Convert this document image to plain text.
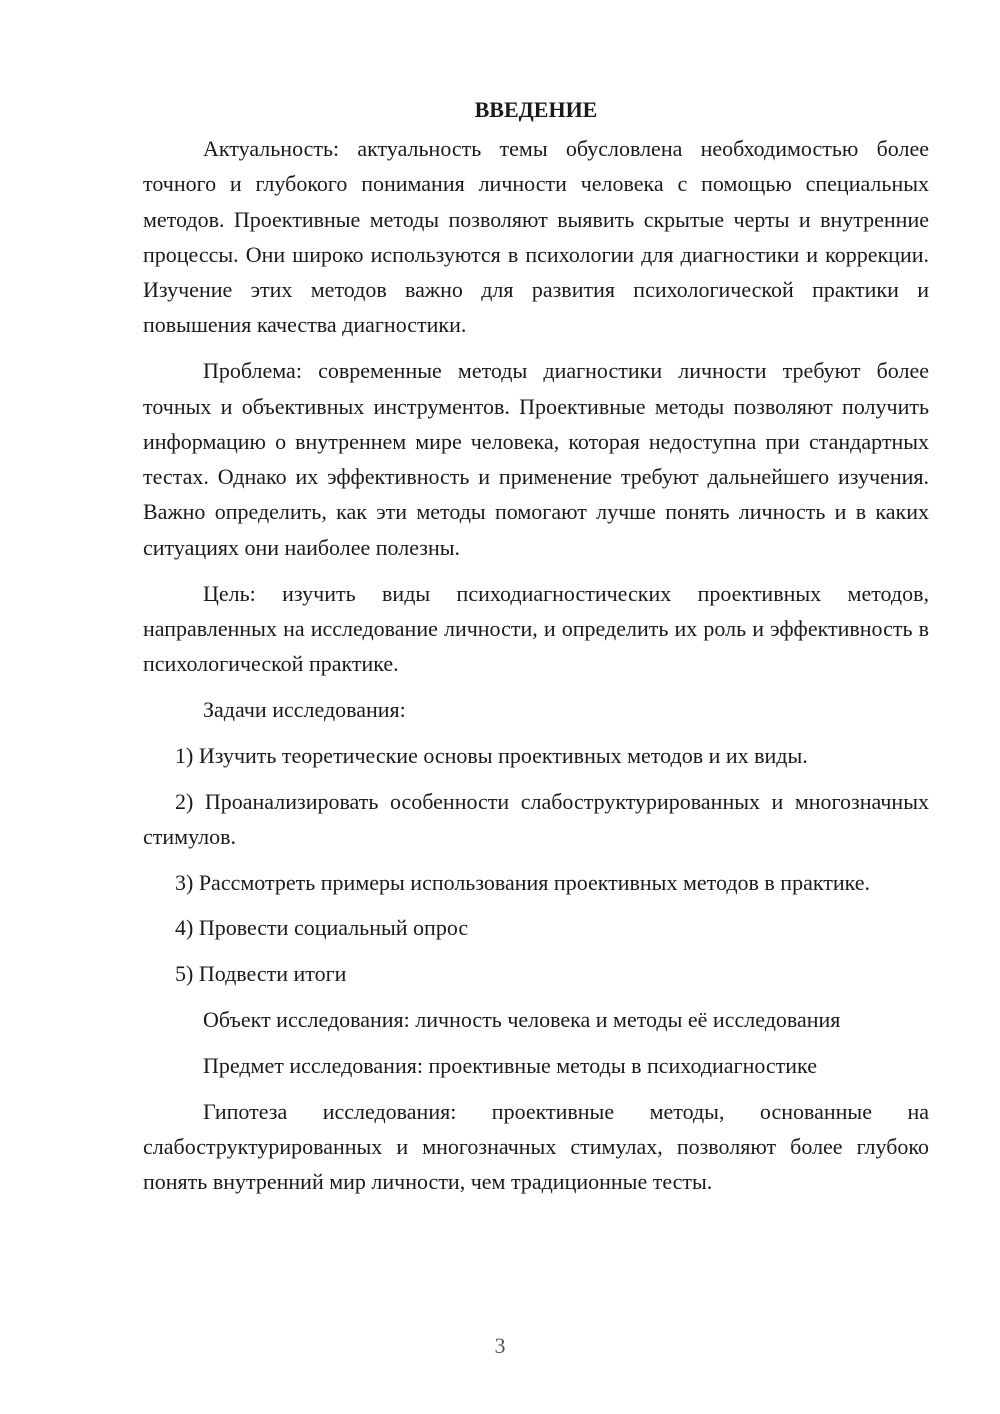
ВВЕДЕНИЕ

Актуальность: актуальность темы обусловлена необходимостью более точного и глубокого понимания личности человека с помощью специальных методов. Проективные методы позволяют выявить скрытые черты и внутренние процессы. Они широко используются в психологии для диагностики и коррекции. Изучение этих методов важно для развития психологической практики и повышения качества диагностики.

Проблема: современные методы диагностики личности требуют более точных и объективных инструментов. Проективные методы позволяют получить информацию о внутреннем мире человека, которая недоступна при стандартных тестах. Однако их эффективность и применение требуют дальнейшего изучения. Важно определить, как эти методы помогают лучше понять личность и в каких ситуациях они наиболее полезны.

Цель: изучить виды психодиагностических проективных методов, направленных на исследование личности, и определить их роль и эффективность в психологической практике.

Задачи исследования:

1) Изучить теоретические основы проективных методов и их виды.

2) Проанализировать особенности слабоструктурированных и многозначных стимулов.

3) Рассмотреть примеры использования проективных методов в практике.

4) Провести социальный опрос

5) Подвести итоги

Объект исследования: личность человека и методы её исследования

Предмет исследования: проективные методы в психодиагностике

Гипотеза исследования: проективные методы, основанные на слабоструктурированных и многозначных стимулах, позволяют более глубоко понять внутренний мир личности, чем традиционные тесты.

3
